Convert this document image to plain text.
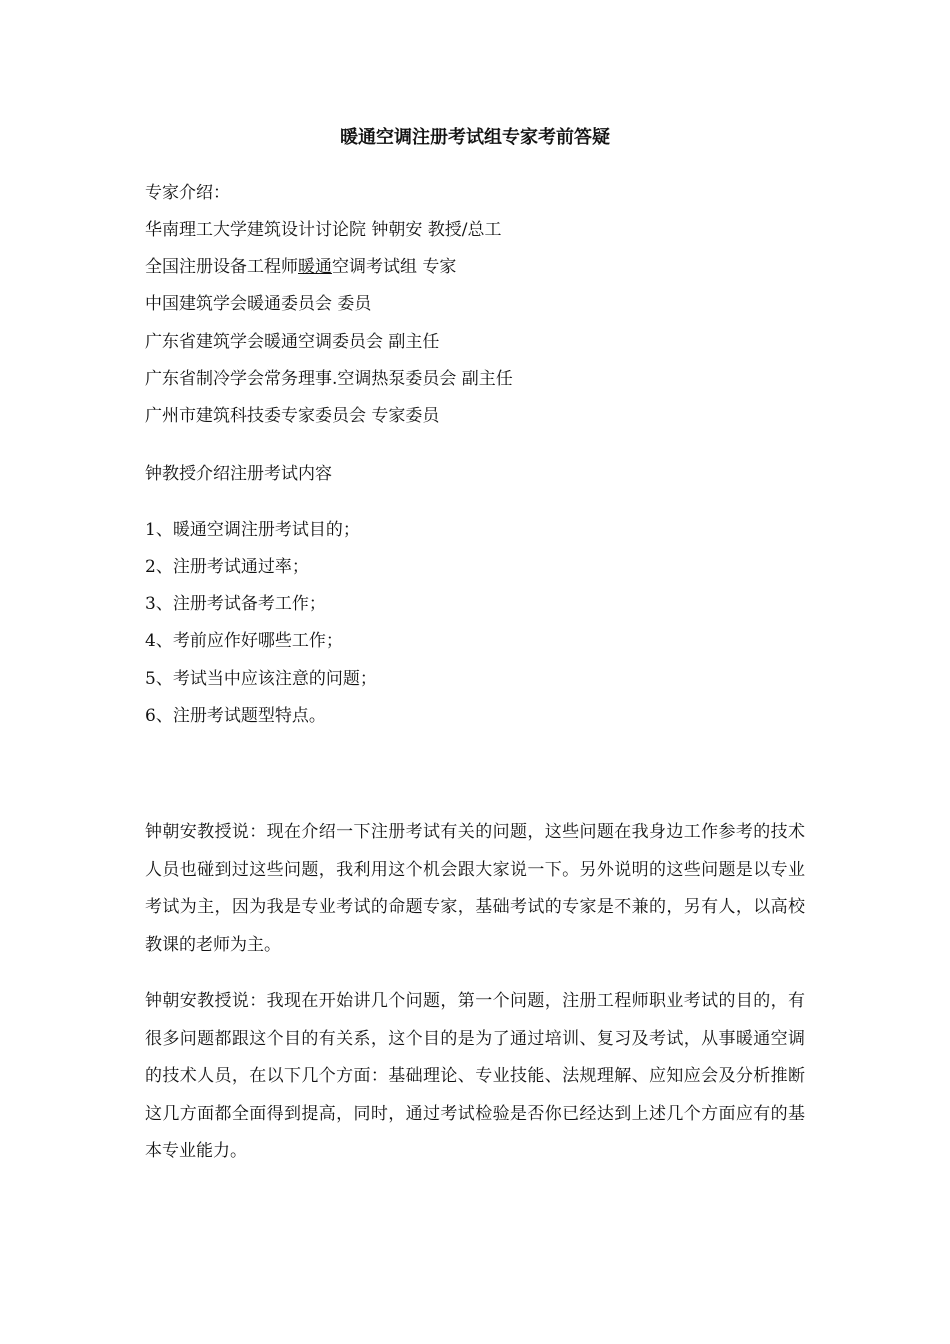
暖通空调注册考试组专家考前答疑

专家介绍：

华南理工大学建筑设计讨论院 钟朝安 教授/总工

全国注册设备工程师暖通空调考试组 专家

中国建筑学会暖通委员会 委员

广东省建筑学会暖通空调委员会 副主任

广东省制冷学会常务理事.空调热泵委员会 副主任

广州市建筑科技委专家委员会 专家委员

钟教授介绍注册考试内容

1、暖通空调注册考试目的；

2、注册考试通过率；

3、注册考试备考工作；

4、考前应作好哪些工作；

5、考试当中应该注意的问题；

6、注册考试题型特点。

钟朝安教授说：现在介绍一下注册考试有关的问题，这些问题在我身边工作参考的技术人员也碰到过这些问题，我利用这个机会跟大家说一下。另外说明的这些问题是以专业考试为主，因为我是专业考试的命题专家，基础考试的专家是不兼的，另有人，以高校教课的老师为主。

钟朝安教授说：我现在开始讲几个问题，第一个问题，注册工程师职业考试的目的，有很多问题都跟这个目的有关系，这个目的是为了通过培训、复习及考试，从事暖通空调的技术人员，在以下几个方面：基础理论、专业技能、法规理解、应知应会及分析推断这几方面都全面得到提高，同时，通过考试检验是否你已经达到上述几个方面应有的基本专业能力。
